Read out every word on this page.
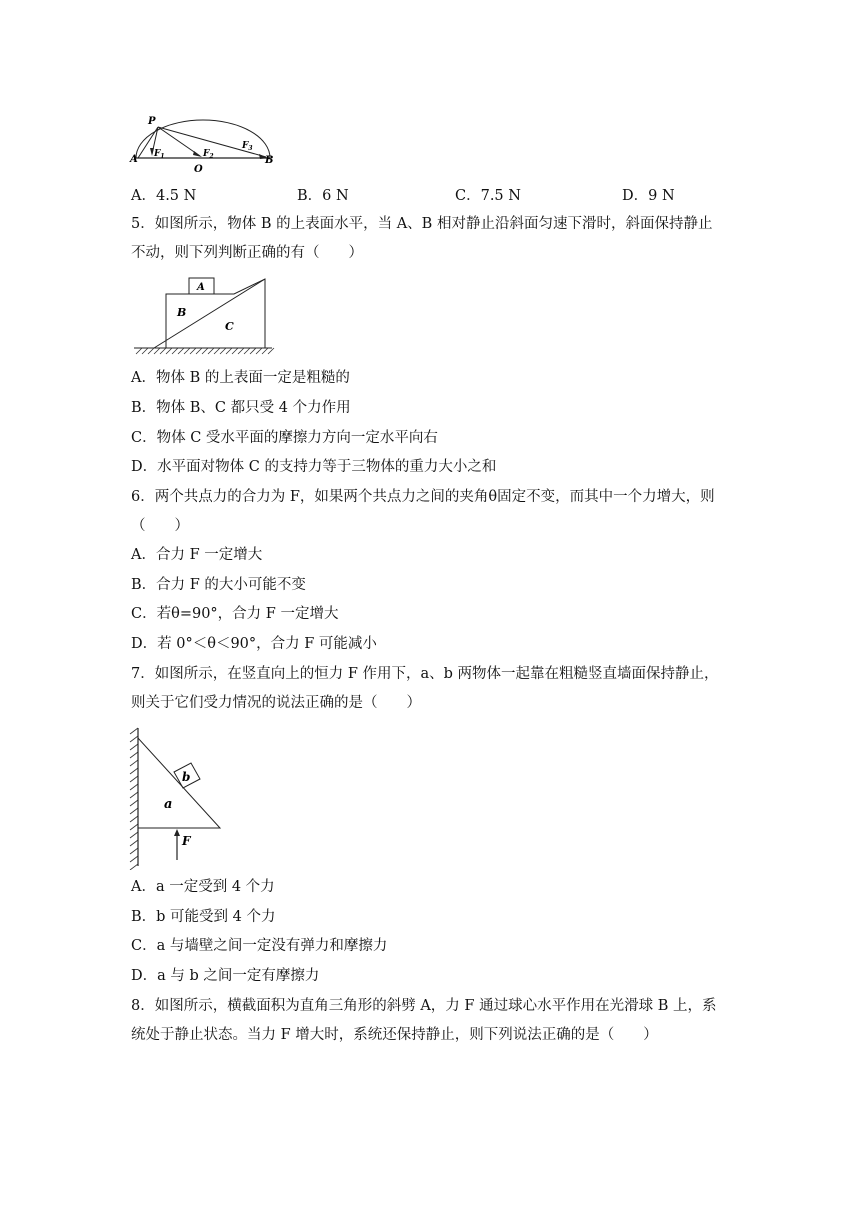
P
A
O
B
$F_1$	$F_2$
$F_3$
A．4.5 N	B．6 N	C．7.5 N	D．9 N
5．如图所示，物体 B 的上表面水平，当 A、B 相对静止沿斜面匀速下滑时，斜面保持静止
不动，则下列判断正确的有（　　）
A
B
C
A．物体 B 的上表面一定是粗糙的
B．物体 B、C 都只受 4 个力作用
C．物体 C 受水平面的摩擦力方向一定水平向右
D．水平面对物体 C 的支持力等于三物体的重力大小之和
6．两个共点力的合力为 F，如果两个共点力之间的夹角θ固定不变，而其中一个力增大，则
（　　）
A．合力 F 一定增大
B．合力 F 的大小可能不变
C．若θ=90°，合力 F 一定增大
D．若 0°＜θ＜90°，合力 F 可能减小
7．如图所示，在竖直向上的恒力 F 作用下，a、b 两物体一起靠在粗糙竖直墙面保持静止，
则关于它们受力情况的说法正确的是（　　）
b
a
F
A．a 一定受到 4 个力
B．b 可能受到 4 个力
C．a 与墙壁之间一定没有弹力和摩擦力
D．a 与 b 之间一定有摩擦力
8．如图所示，横截面积为直角三角形的斜劈 A，力 F 通过球心水平作用在光滑球 B 上，系
统处于静止状态。当力 F 增大时，系统还保持静止，则下列说法正确的是（　　）
